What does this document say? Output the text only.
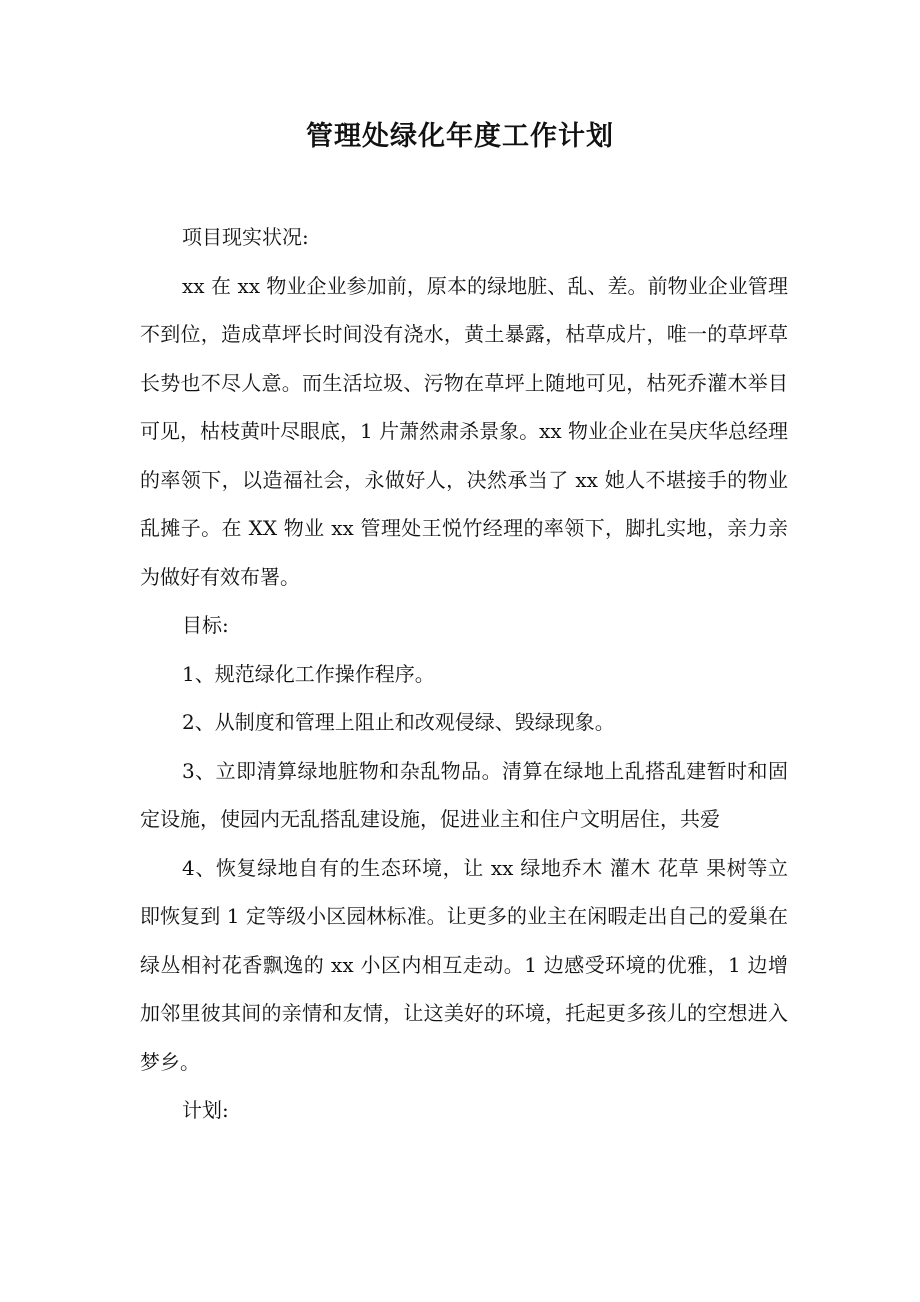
管理处绿化年度工作计划

项目现实状况:

xx 在 xx 物业企业参加前，原本的绿地脏、乱、差。前物业企业管理不到位，造成草坪长时间没有浇水，黄土暴露，枯草成片，唯一的草坪草长势也不尽人意。而生活垃圾、污物在草坪上随地可见，枯死乔灌木举目可见，枯枝黄叶尽眼底，1 片萧然肃杀景象。xx 物业企业在吴庆华总经理的率领下，以造福社会，永做好人，决然承当了 xx 她人不堪接手的物业乱摊子。在 XX 物业 xx 管理处王悦竹经理的率领下，脚扎实地，亲力亲为做好有效布署。

目标:

1、规范绿化工作操作程序。

2、从制度和管理上阻止和改观侵绿、毁绿现象。

3、立即清算绿地脏物和杂乱物品。清算在绿地上乱搭乱建暂时和固定设施，使园内无乱搭乱建设施，促进业主和住户文明居住，共爱

4、恢复绿地自有的生态环境，让 xx 绿地乔木 灌木 花草 果树等立即恢复到 1 定等级小区园林标准。让更多的业主在闲暇走出自己的爱巢在绿丛相衬花香飘逸的 xx 小区内相互走动。1 边感受环境的优雅，1 边增加邻里彼其间的亲情和友情，让这美好的环境，托起更多孩儿的空想进入梦乡。

计划:
